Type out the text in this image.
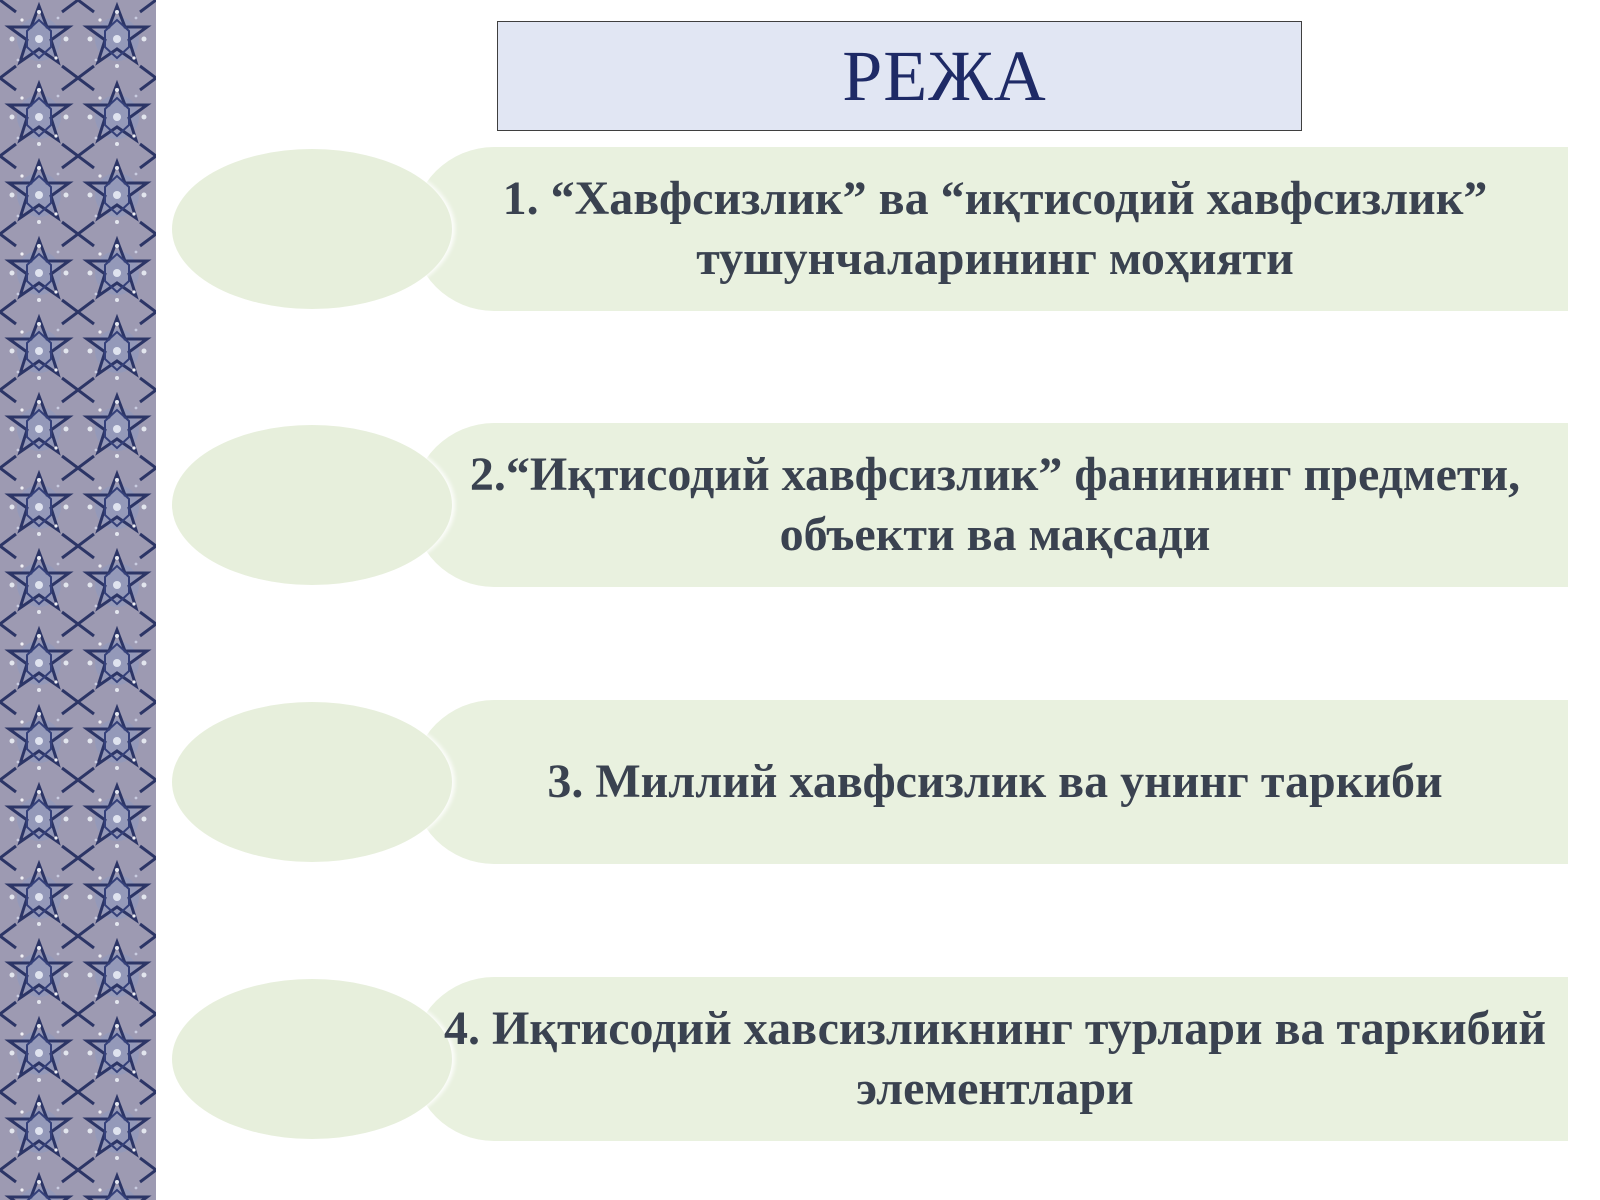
РЕЖА
1. “Хавфсизлик” ва “иқтисодий хавфсизлик” тушунчаларининг моҳияти
2.“Иқтисодий хавфсизлик” фанининг предмети, объекти ва мақсади
3. Миллий хавфсизлик ва унинг таркиби
4. Иқтисодий хавсизликнинг турлари ва таркибий элементлари
